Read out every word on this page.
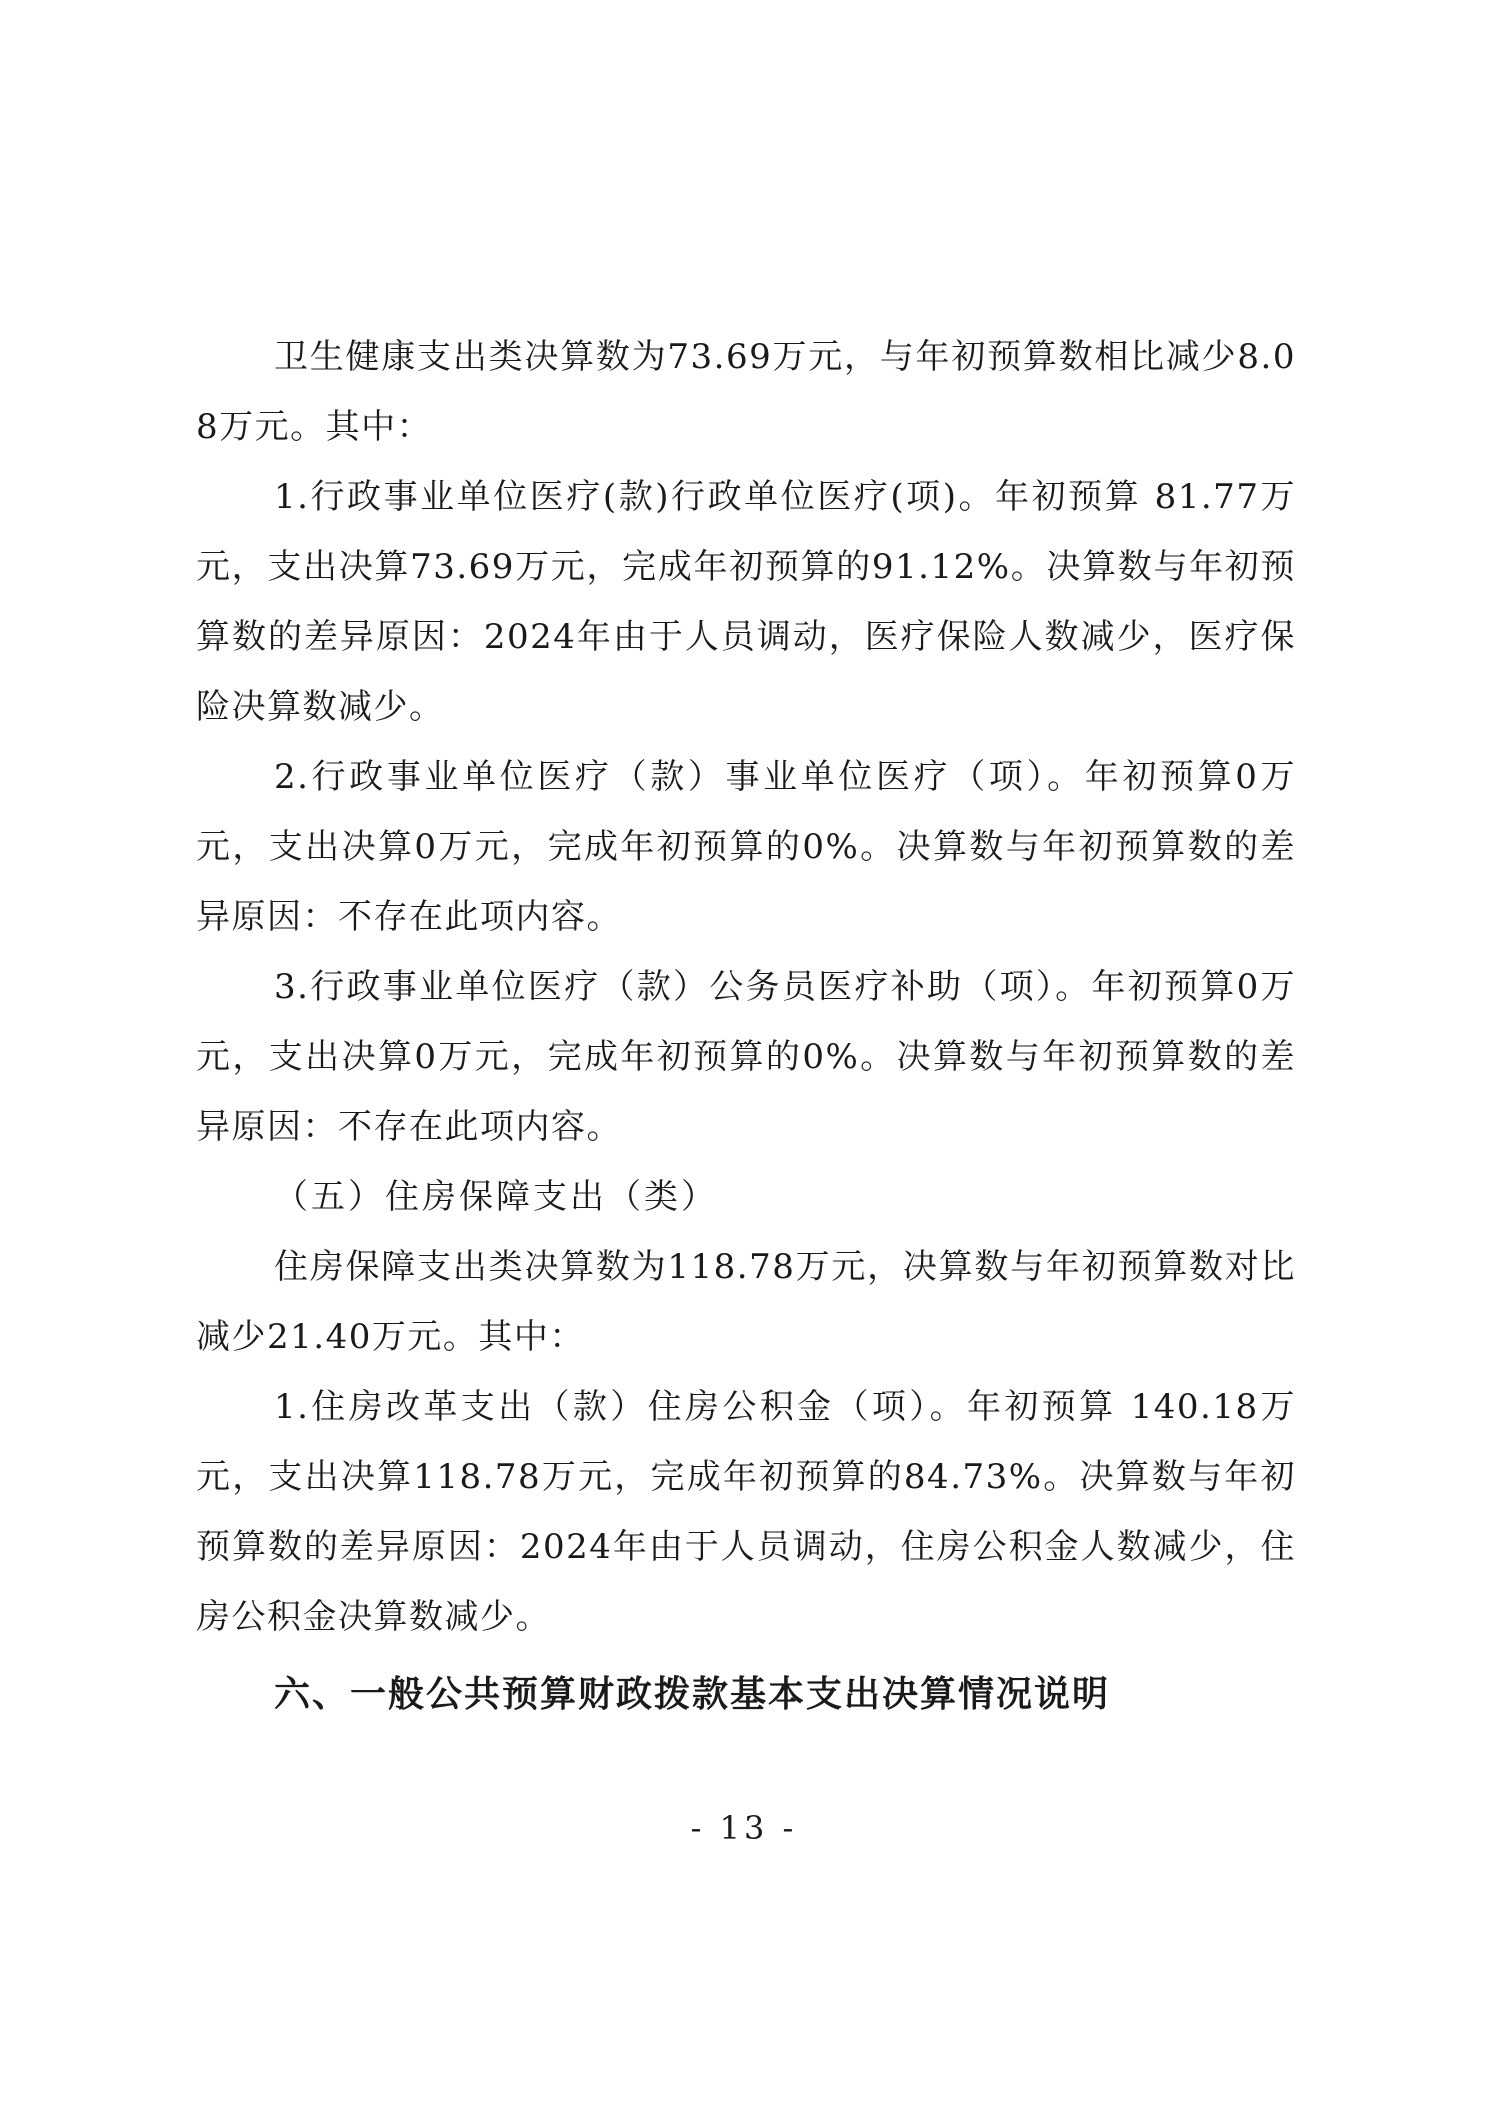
卫生健康支出类决算数为73.69万元，与年初预算数相比减少8.08万元。其中：

1.行政事业单位医疗(款)行政单位医疗(项)。年初预算 81.77万元，支出决算73.69万元，完成年初预算的91.12%。决算数与年初预算数的差异原因：2024年由于人员调动，医疗保险人数减少，医疗保险决算数减少。

2.行政事业单位医疗（款）事业单位医疗（项）。年初预算0万元，支出决算0万元，完成年初预算的0%。决算数与年初预算数的差异原因：不存在此项内容。

3.行政事业单位医疗（款）公务员医疗补助（项）。年初预算0万元，支出决算0万元，完成年初预算的0%。决算数与年初预算数的差异原因：不存在此项内容。

（五）住房保障支出（类）

住房保障支出类决算数为118.78万元，决算数与年初预算数对比减少21.40万元。其中：

1.住房改革支出（款）住房公积金（项）。年初预算 140.18万元，支出决算118.78万元，完成年初预算的84.73%。决算数与年初预算数的差异原因：2024年由于人员调动，住房公积金人数减少，住房公积金决算数减少。

六、一般公共预算财政拨款基本支出决算情况说明

- 13 -
